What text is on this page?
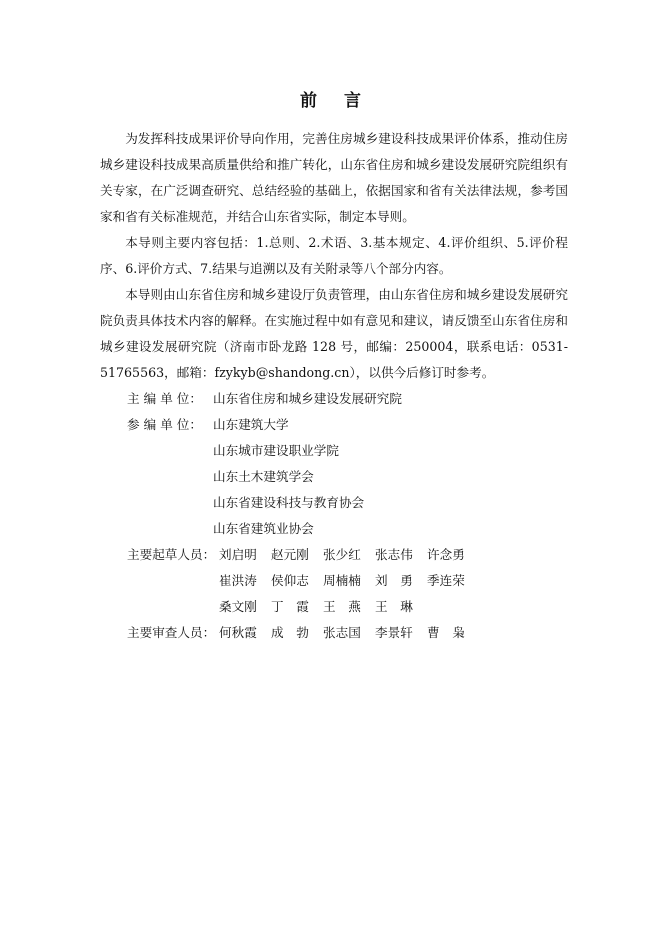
前 言

为发挥科技成果评价导向作用，完善住房城乡建设科技成果评价体系，推动住房城乡建设科技成果高质量供给和推广转化，山东省住房和城乡建设发展研究院组织有关专家，在广泛调查研究、总结经验的基础上，依据国家和省有关法律法规，参考国家和省有关标准规范，并结合山东省实际，制定本导则。

本导则主要内容包括：1.总则、2.术语、3.基本规定、4.评价组织、5.评价程序、6.评价方式、7.结果与追溯以及有关附录等八个部分内容。

本导则由山东省住房和城乡建设厅负责管理，由山东省住房和城乡建设发展研究院负责具体技术内容的解释。在实施过程中如有意见和建议，请反馈至山东省住房和城乡建设发展研究院（济南市卧龙路 128 号，邮编：250004，联系电话：0531-51765563，邮箱：fzykyb@shandong.cn），以供今后修订时参考。

主 编 单 位： 山东省住房和城乡建设发展研究院
参 编 单 位： 山东建筑大学
山东城市建设职业学院
山东土木建筑学会
山东省建设科技与教育协会
山东省建筑业协会
主要起草人员： 刘启明	赵元刚	张少红	张志伟	许念勇
崔洪涛	侯仰志	周楠楠	刘　勇	季连荣
桑文刚	丁　霞	王　燕	王　琳
主要审查人员： 何秋霞	成　勃	张志国	李景轩	曹　枭
